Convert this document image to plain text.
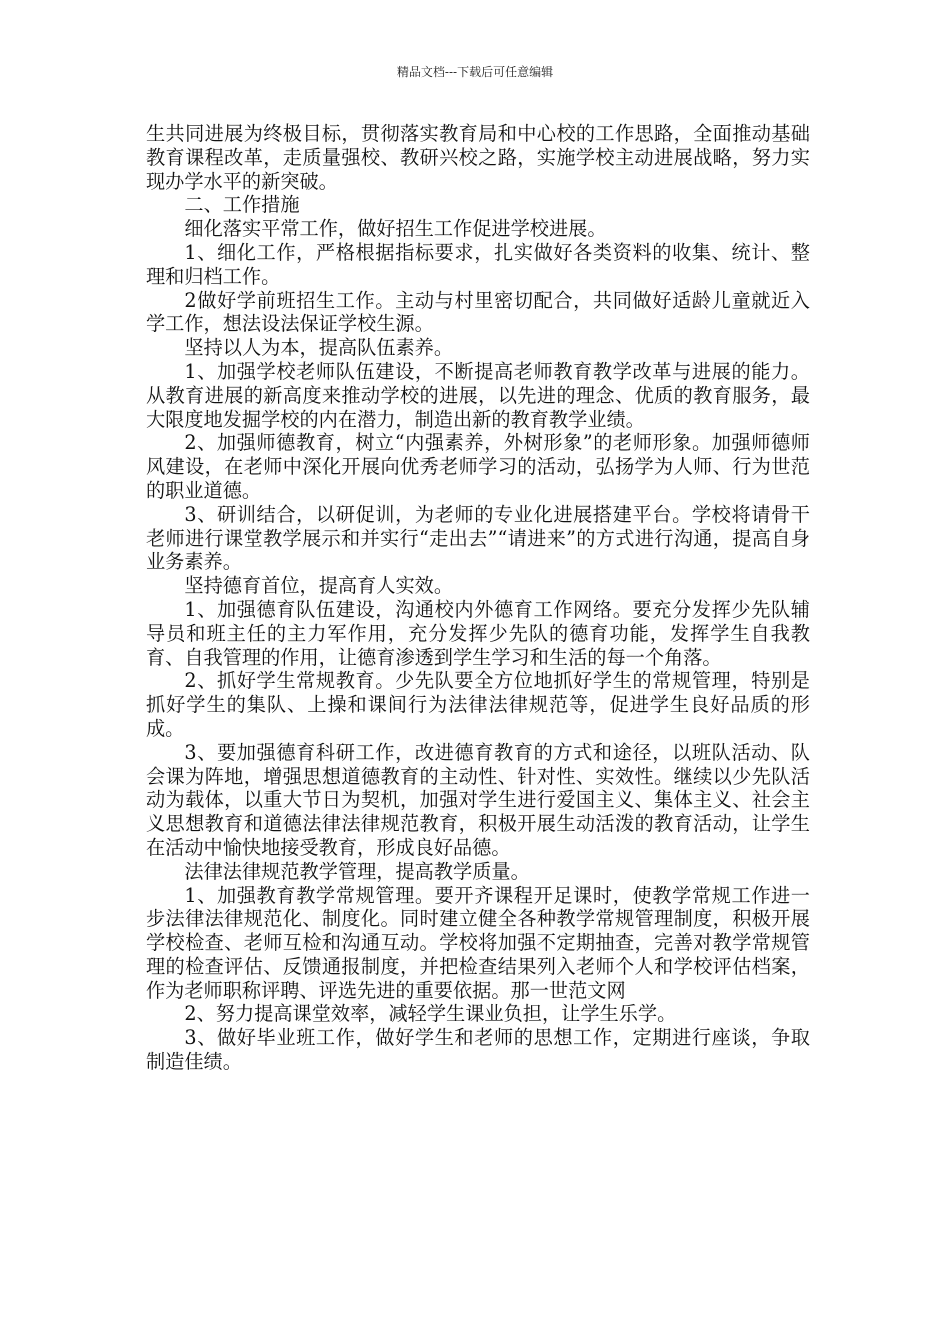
精品文档---下载后可任意编辑

生共同进展为终极目标，贯彻落实教育局和中心校的工作思路，全面推动基础教育课程改革，走质量强校、教研兴校之路，实施学校主动进展战略，努力实现办学水平的新突破。

二、工作措施

细化落实平常工作，做好招生工作促进学校进展。

1、细化工作，严格根据指标要求，扎实做好各类资料的收集、统计、整理和归档工作。

2做好学前班招生工作。主动与村里密切配合，共同做好适龄儿童就近入学工作，想法设法保证学校生源。

坚持以人为本，提高队伍素养。

1、加强学校老师队伍建设，不断提高老师教育教学改革与进展的能力。从教育进展的新高度来推动学校的进展，以先进的理念、优质的教育服务，最大限度地发掘学校的内在潜力，制造出新的教育教学业绩。

2、加强师德教育，树立“内强素养，外树形象”的老师形象。加强师德师风建设，在老师中深化开展向优秀老师学习的活动，弘扬学为人师、行为世范的职业道德。

3、研训结合，以研促训，为老师的专业化进展搭建平台。学校将请骨干老师进行课堂教学展示和并实行“走出去”“请进来”的方式进行沟通，提高自身业务素养。

坚持德育首位，提高育人实效。

1、加强德育队伍建设，沟通校内外德育工作网络。要充分发挥少先队辅导员和班主任的主力军作用，充分发挥少先队的德育功能，发挥学生自我教育、自我管理的作用，让德育渗透到学生学习和生活的每一个角落。

2、抓好学生常规教育。少先队要全方位地抓好学生的常规管理，特别是抓好学生的集队、上操和课间行为法律法律规范等，促进学生良好品质的形成。

3、要加强德育科研工作，改进德育教育的方式和途径，以班队活动、队会课为阵地，增强思想道德教育的主动性、针对性、实效性。继续以少先队活动为载体，以重大节日为契机，加强对学生进行爱国主义、集体主义、社会主义思想教育和道德法律法律规范教育，积极开展生动活泼的教育活动，让学生在活动中愉快地接受教育，形成良好品德。

法律法律规范教学管理，提高教学质量。

1、加强教育教学常规管理。要开齐课程开足课时，使教学常规工作进一步法律法律规范化、制度化。同时建立健全各种教学常规管理制度，积极开展学校检查、老师互检和沟通互动。学校将加强不定期抽查，完善对教学常规管理的检查评估、反馈通报制度，并把检查结果列入老师个人和学校评估档案，作为老师职称评聘、评选先进的重要依据。那一世范文网

2、努力提高课堂效率，减轻学生课业负担，让学生乐学。

3、做好毕业班工作，做好学生和老师的思想工作，定期进行座谈，争取制造佳绩。
